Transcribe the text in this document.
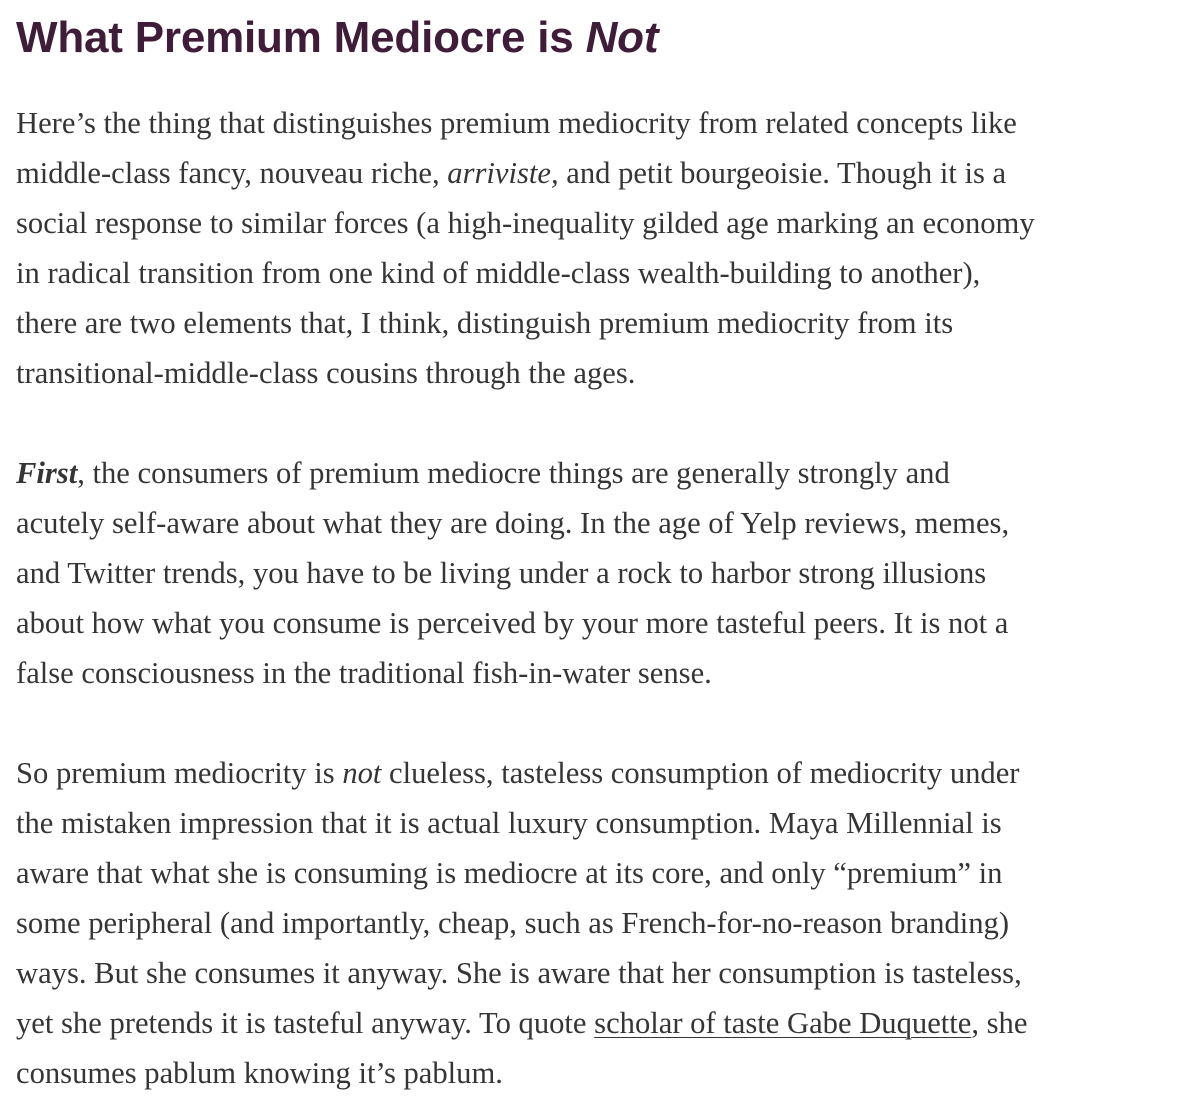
What Premium Mediocre is Not

Here’s the thing that distinguishes premium mediocrity from related concepts like
middle-class fancy, nouveau riche, arriviste, and petit bourgeoisie. Though it is a
social response to similar forces (a high-inequality gilded age marking an economy
in radical transition from one kind of middle-class wealth-building to another),
there are two elements that, I think, distinguish premium mediocrity from its
transitional-middle-class cousins through the ages.

First, the consumers of premium mediocre things are generally strongly and
acutely self-aware about what they are doing. In the age of Yelp reviews, memes,
and Twitter trends, you have to be living under a rock to harbor strong illusions
about how what you consume is perceived by your more tasteful peers. It is not a
false consciousness in the traditional fish-in-water sense.

So premium mediocrity is not clueless, tasteless consumption of mediocrity under
the mistaken impression that it is actual luxury consumption. Maya Millennial is
aware that what she is consuming is mediocre at its core, and only “premium” in
some peripheral (and importantly, cheap, such as French-for-no-reason branding)
ways. But she consumes it anyway. She is aware that her consumption is tasteless,
yet she pretends it is tasteful anyway. To quote scholar of taste Gabe Duquette, she
consumes pablum knowing it’s pablum.
